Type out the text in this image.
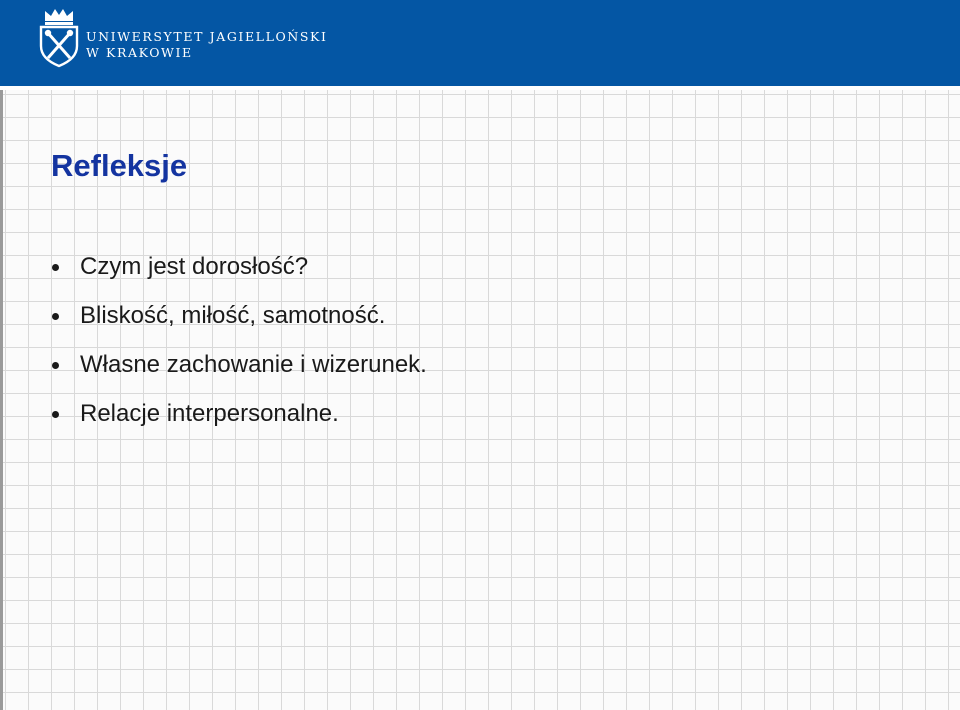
UNIWERSYTET JAGIELLOŃSKI
W KRAKOWIE
Refleksje
Czym jest dorosłość?
Bliskość, miłość, samotność.
Własne zachowanie i wizerunek.
Relacje interpersonalne.
